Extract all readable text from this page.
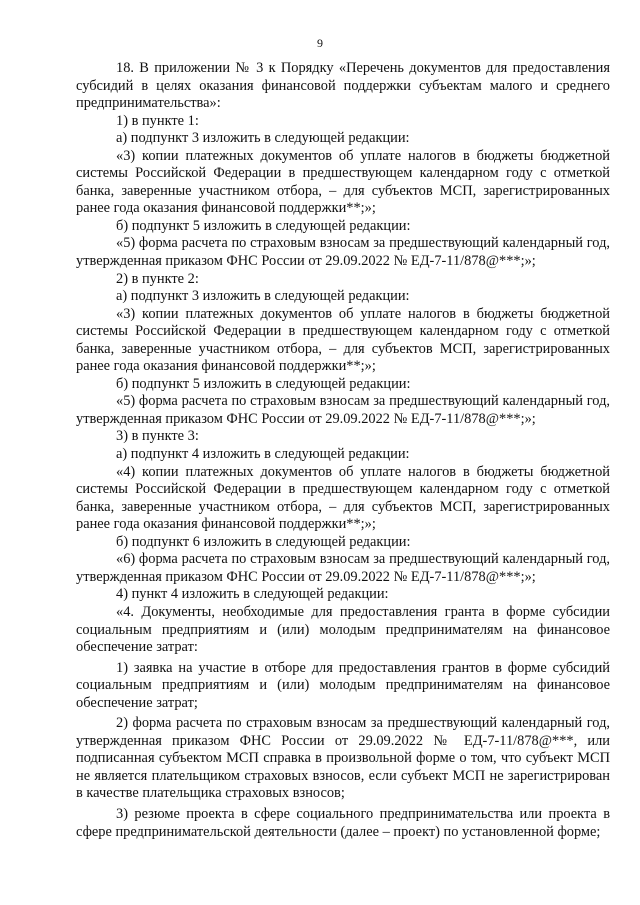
9

18. В приложении № 3 к Порядку «Перечень документов для предоставления субсидий в целях оказания финансовой поддержки субъектам малого и среднего предпринимательства»:

1) в пункте 1:

а) подпункт 3 изложить в следующей редакции:

«3) копии платежных документов об уплате налогов в бюджеты бюджетной системы Российской Федерации в предшествующем календарном году с отметкой банка, заверенные участником отбора, – для субъектов МСП, зарегистрированных ранее года оказания финансовой поддержки**;»;

б) подпункт 5 изложить в следующей редакции:

«5) форма расчета по страховым взносам за предшествующий календарный год, утвержденная приказом ФНС России от 29.09.2022 № ЕД-7-11/878@***;»;

2) в пункте 2:

а) подпункт 3 изложить в следующей редакции:

«3) копии платежных документов об уплате налогов в бюджеты бюджетной системы Российской Федерации в предшествующем календарном году с отметкой банка, заверенные участником отбора, – для субъектов МСП, зарегистрированных ранее года оказания финансовой поддержки**;»;

б) подпункт 5 изложить в следующей редакции:

«5) форма расчета по страховым взносам за предшествующий календарный год, утвержденная приказом ФНС России от 29.09.2022 № ЕД-7-11/878@***;»;

3) в пункте 3:

а) подпункт 4 изложить в следующей редакции:

«4) копии платежных документов об уплате налогов в бюджеты бюджетной системы Российской Федерации в предшествующем календарном году с отметкой банка, заверенные участником отбора, – для субъектов МСП, зарегистрированных ранее года оказания финансовой поддержки**;»;

б) подпункт 6 изложить в следующей редакции:

«6) форма расчета по страховым взносам за предшествующий календарный год, утвержденная приказом ФНС России от 29.09.2022 № ЕД-7-11/878@***;»;

4) пункт 4 изложить в следующей редакции:

«4. Документы, необходимые для предоставления гранта в форме субсидии социальным предприятиям и (или) молодым предпринимателям на финансовое обеспечение затрат:

1) заявка на участие в отборе для предоставления грантов в форме субсидий социальным предприятиям и (или) молодым предпринимателям на финансовое обеспечение затрат;

2) форма расчета по страховым взносам за предшествующий календарный год, утвержденная приказом ФНС России от 29.09.2022 № ЕД-7-11/878@***, или подписанная субъектом МСП справка в произвольной форме о том, что субъект МСП не является плательщиком страховых взносов, если субъект МСП не зарегистрирован в качестве плательщика страховых взносов;

3) резюме проекта в сфере социального предпринимательства или проекта в сфере предпринимательской деятельности (далее – проект) по установленной форме;
